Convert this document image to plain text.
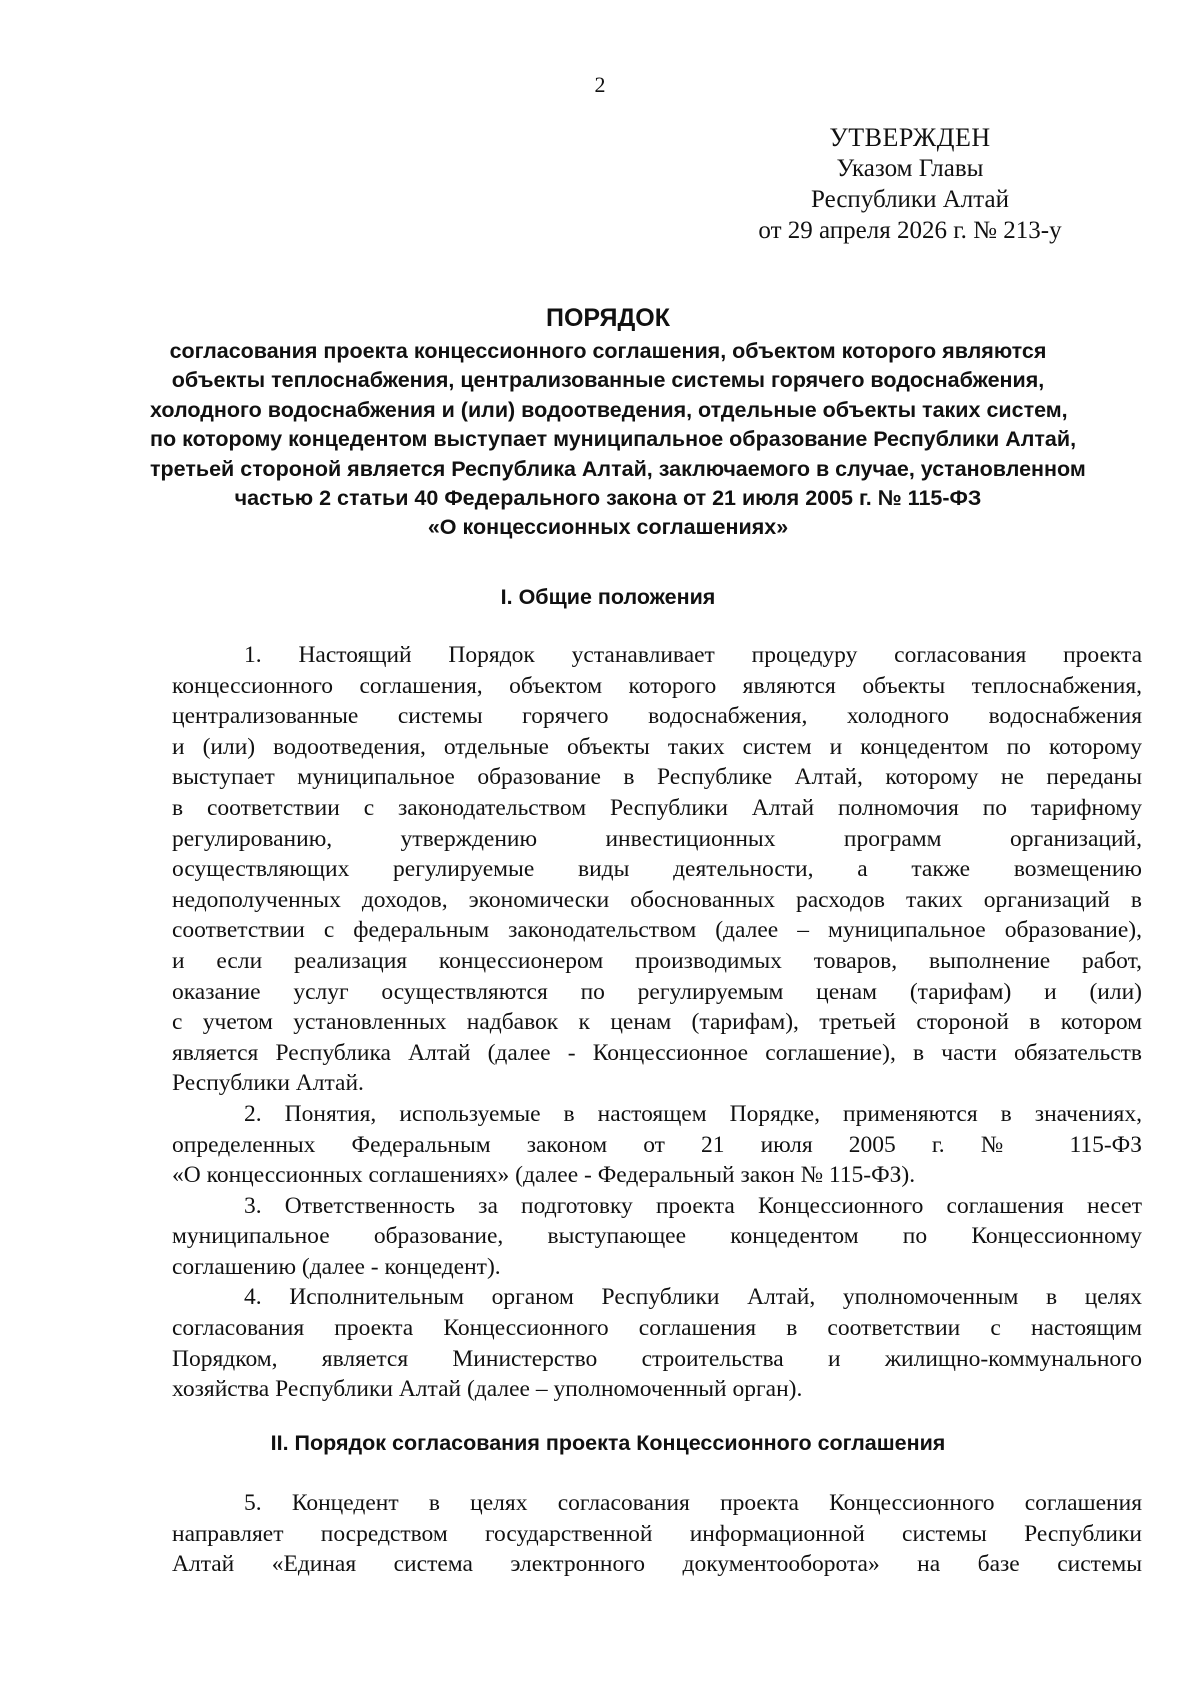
2

УТВЕРЖДЕН
Указом Главы
Республики Алтай
от 29 апреля 2026 г. № 213-у
ПОРЯДОК
согласования проекта концессионного соглашения, объектом которого являются
объекты теплоснабжения, централизованные системы горячего водоснабжения,
холодного водоснабжения и (или) водоотведения, отдельные объекты таких систем,
по которому концедентом выступает муниципальное образование Республики Алтай,
третьей стороной является Республика Алтай, заключаемого в случае, установленном
частью 2 статьи 40 Федерального закона от 21 июля 2005 г. № 115-ФЗ
«О концессионных соглашениях»
I. Общие положения
1. Настоящий Порядок устанавливает процедуру согласования проекта
концессионного соглашения, объектом которого являются объекты теплоснабжения,
централизованные системы горячего водоснабжения, холодного водоснабжения
и (или) водоотведения, отдельные объекты таких систем и концедентом по которому
выступает муниципальное образование в Республике Алтай, которому не переданы
в соответствии с законодательством Республики Алтай полномочия по тарифному
регулированию, утверждению инвестиционных программ организаций,
осуществляющих регулируемые виды деятельности, а также возмещению
недополученных доходов, экономически обоснованных расходов таких организаций в
соответствии с федеральным законодательством (далее – муниципальное образование),
и если реализация концессионером производимых товаров, выполнение работ,
оказание услуг осуществляются по регулируемым ценам (тарифам) и (или)
с учетом установленных надбавок к ценам (тарифам), третьей стороной в котором
является Республика Алтай (далее - Концессионное соглашение), в части обязательств
Республики Алтай.
2. Понятия, используемые в настоящем Порядке, применяются в значениях,
определенных Федеральным законом от 21 июля 2005 г. № 115-ФЗ
«О концессионных соглашениях» (далее - Федеральный закон № 115-ФЗ).
3. Ответственность за подготовку проекта Концессионного соглашения несет
муниципальное образование, выступающее концедентом по Концессионному
соглашению (далее - концедент).
4. Исполнительным органом Республики Алтай, уполномоченным в целях
согласования проекта Концессионного соглашения в соответствии с настоящим
Порядком, является Министерство строительства и жилищно-коммунального
хозяйства Республики Алтай (далее – уполномоченный орган).
II. Порядок согласования проекта Концессионного соглашения
5. Концедент в целях согласования проекта Концессионного соглашения
направляет посредством государственной информационной системы Республики
Алтай «Единая система электронного документооборота» на базе системы
